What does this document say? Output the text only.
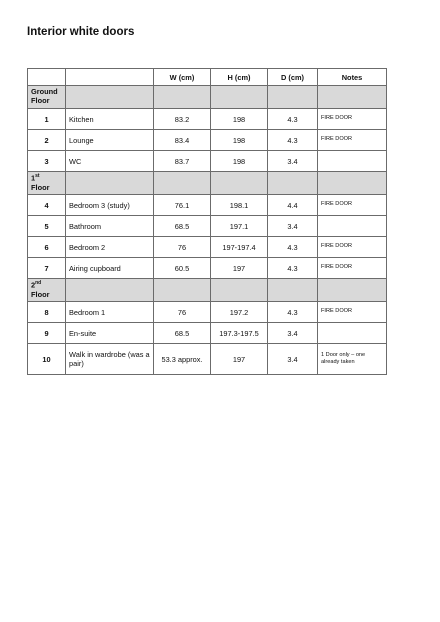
Interior white doors
		W (cm)	H (cm)	D (cm)	Notes
Ground
Floor					
1	Kitchen	83.2	198	4.3	FIRE DOOR
2	Lounge	83.4	198	4.3	FIRE DOOR
3	WC	83.7	198	3.4	
1st
Floor					
4	Bedroom 3 (study)	76.1	198.1	4.4	FIRE DOOR
5	Bathroom	68.5	197.1	3.4	
6	Bedroom 2	76	197-197.4	4.3	FIRE DOOR
7	Airing cupboard	60.5	197	4.3	FIRE DOOR
2nd
Floor					
8	Bedroom 1	76	197.2	4.3	FIRE DOOR
9	En-suite	68.5	197.3-197.5	3.4	
10	Walk in wardrobe (was a pair)	53.3 approx.	197	3.4	1 Door only – one already taken
